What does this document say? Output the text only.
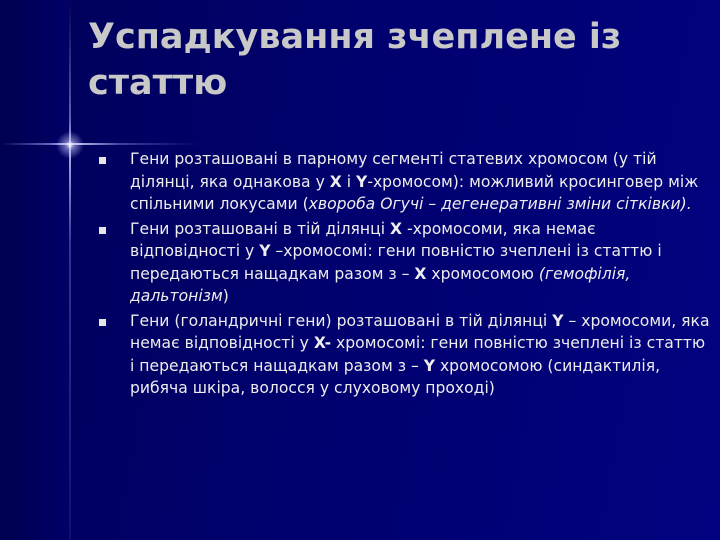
Успадкування зчеплене із статтю
Гени розташовані в парному сегменті статевих хромосом (у тій ділянці, яка однакова у X і Y-хромосом): можливий кросинговер між спільними локусами (хвороба Огучі – дегенеративні зміни сітківки).
Гени розташовані в тій ділянці X -хромосоми, яка немає відповідності у Y –хромосомі: гени повністю зчеплені із статтю і передаються нащадкам разом з – X хромосомою (гемофілія, дальтонізм)
Гени (голандричні гени) розташовані в тій ділянці Y – хромосоми, яка немає відповідності у X- хромосомі: гени повністю зчеплені із статтю і передаються нащадкам разом з – Y хромосомою (синдактилія, рибяча шкіра, волосся у слуховому проході)
